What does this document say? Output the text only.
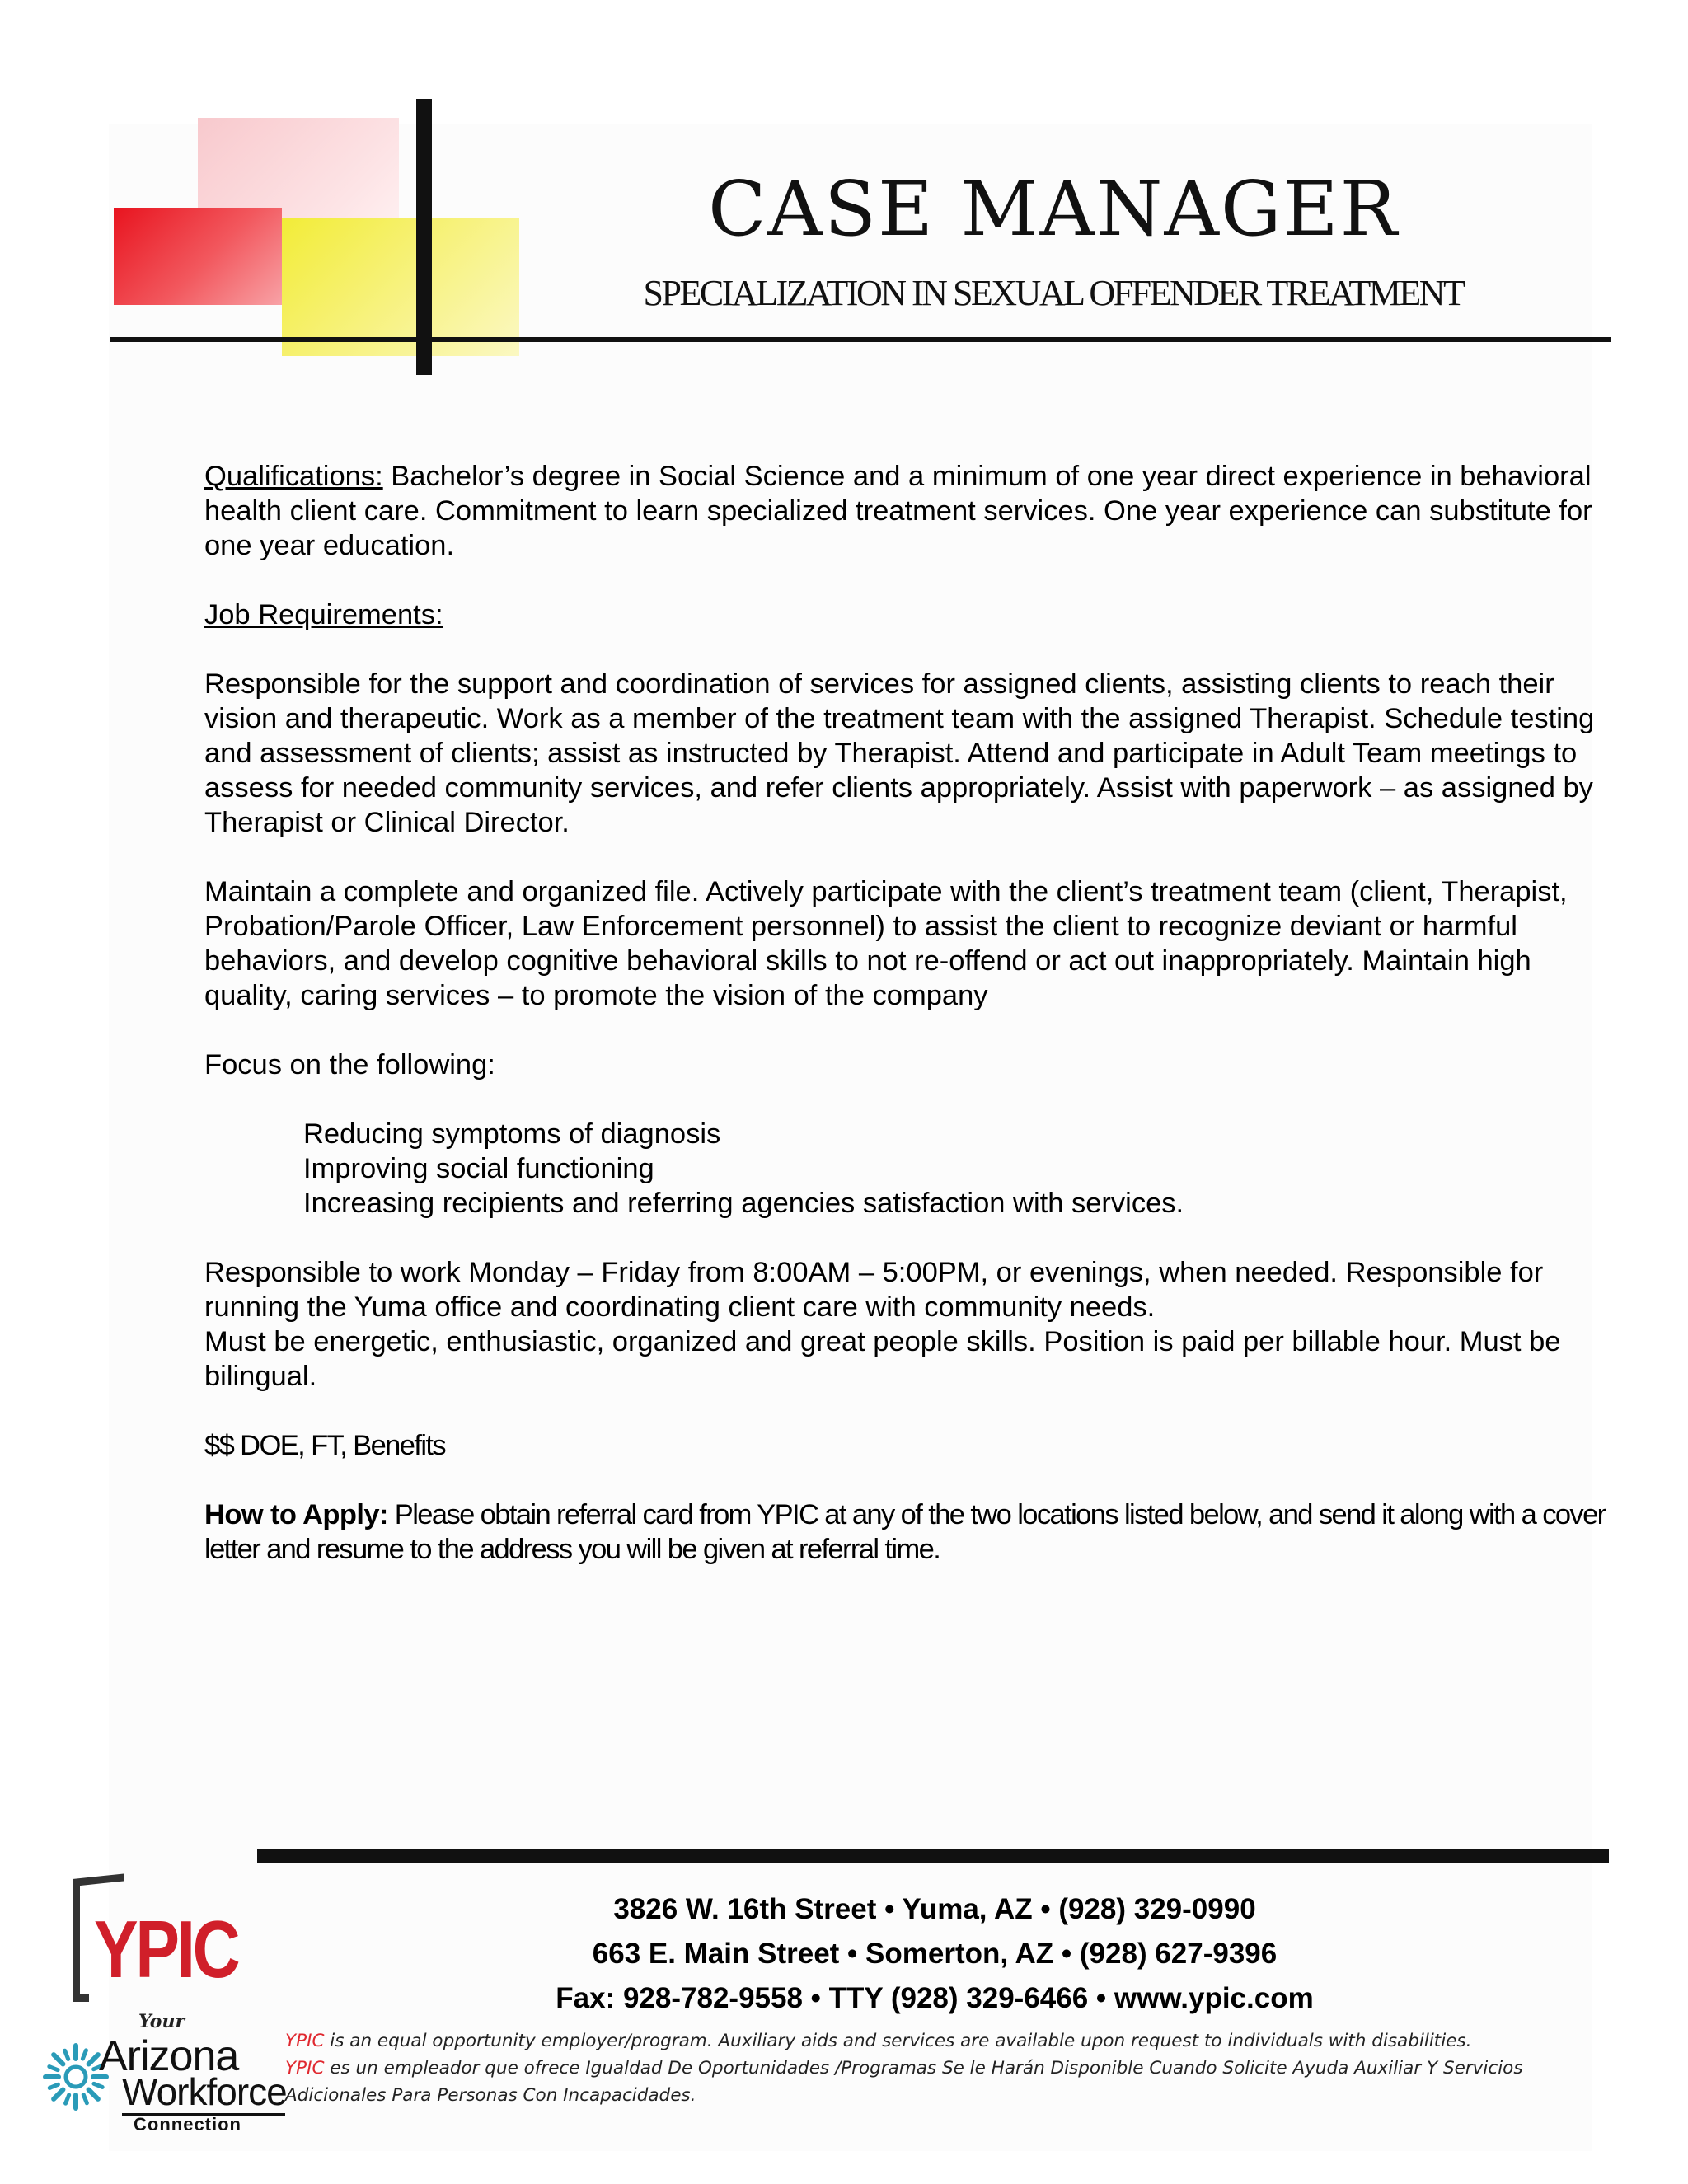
CASE MANAGER
SPECIALIZATION IN SEXUAL OFFENDER TREATMENT

Qualifications: Bachelor’s degree in Social Science and a minimum of one year direct experience in behavioral health client care. Commitment to learn specialized treatment services. One year experience can substitute for one year education.

Job Requirements:

Responsible for the support and coordination of services for assigned clients, assisting clients to reach their vision and therapeutic. Work as a member of the treatment team with the assigned Therapist. Schedule testing and assessment of clients; assist as instructed by Therapist. Attend and participate in Adult Team meetings to assess for needed community services, and refer clients appropriately. Assist with paperwork – as assigned by Therapist or Clinical Director.

Maintain a complete and organized file. Actively participate with the client’s treatment team (client, Therapist, Probation/Parole Officer, Law Enforcement personnel) to assist the client to recognize deviant or harmful behaviors, and develop cognitive behavioral skills to not re-offend or act out inappropriately. Maintain high quality, caring services – to promote the vision of the company

Focus on the following:

Reducing symptoms of diagnosis
Improving social functioning
Increasing recipients and referring agencies satisfaction with services.

Responsible to work Monday – Friday from 8:00AM – 5:00PM, or evenings, when needed. Responsible for running the Yuma office and coordinating client care with community needs.
Must be energetic, enthusiastic, organized and great people skills. Position is paid per billable hour. Must be bilingual.

$$ DOE, FT, Benefits

How to Apply: Please obtain referral card from YPIC at any of the two locations listed below, and send it along with a cover letter and resume to the address you will be given at referral time.

3826 W. 16th Street • Yuma, AZ • (928) 329-0990
663 E. Main Street • Somerton, AZ • (928) 627-9396
Fax: 928-782-9558 • TTY (928) 329-6466 • www.ypic.com
YPIC is an equal opportunity employer/program. Auxiliary aids and services are available upon request to individuals with disabilities.
YPIC es un empleador que ofrece Igualdad De Oportunidades /Programas Se le Harán Disponible Cuando Solicite Ayuda Auxiliar Y Servicios Adicionales Para Personas Con Incapacidades.
YPIC
Your
Arizona
Workforce
Connection
